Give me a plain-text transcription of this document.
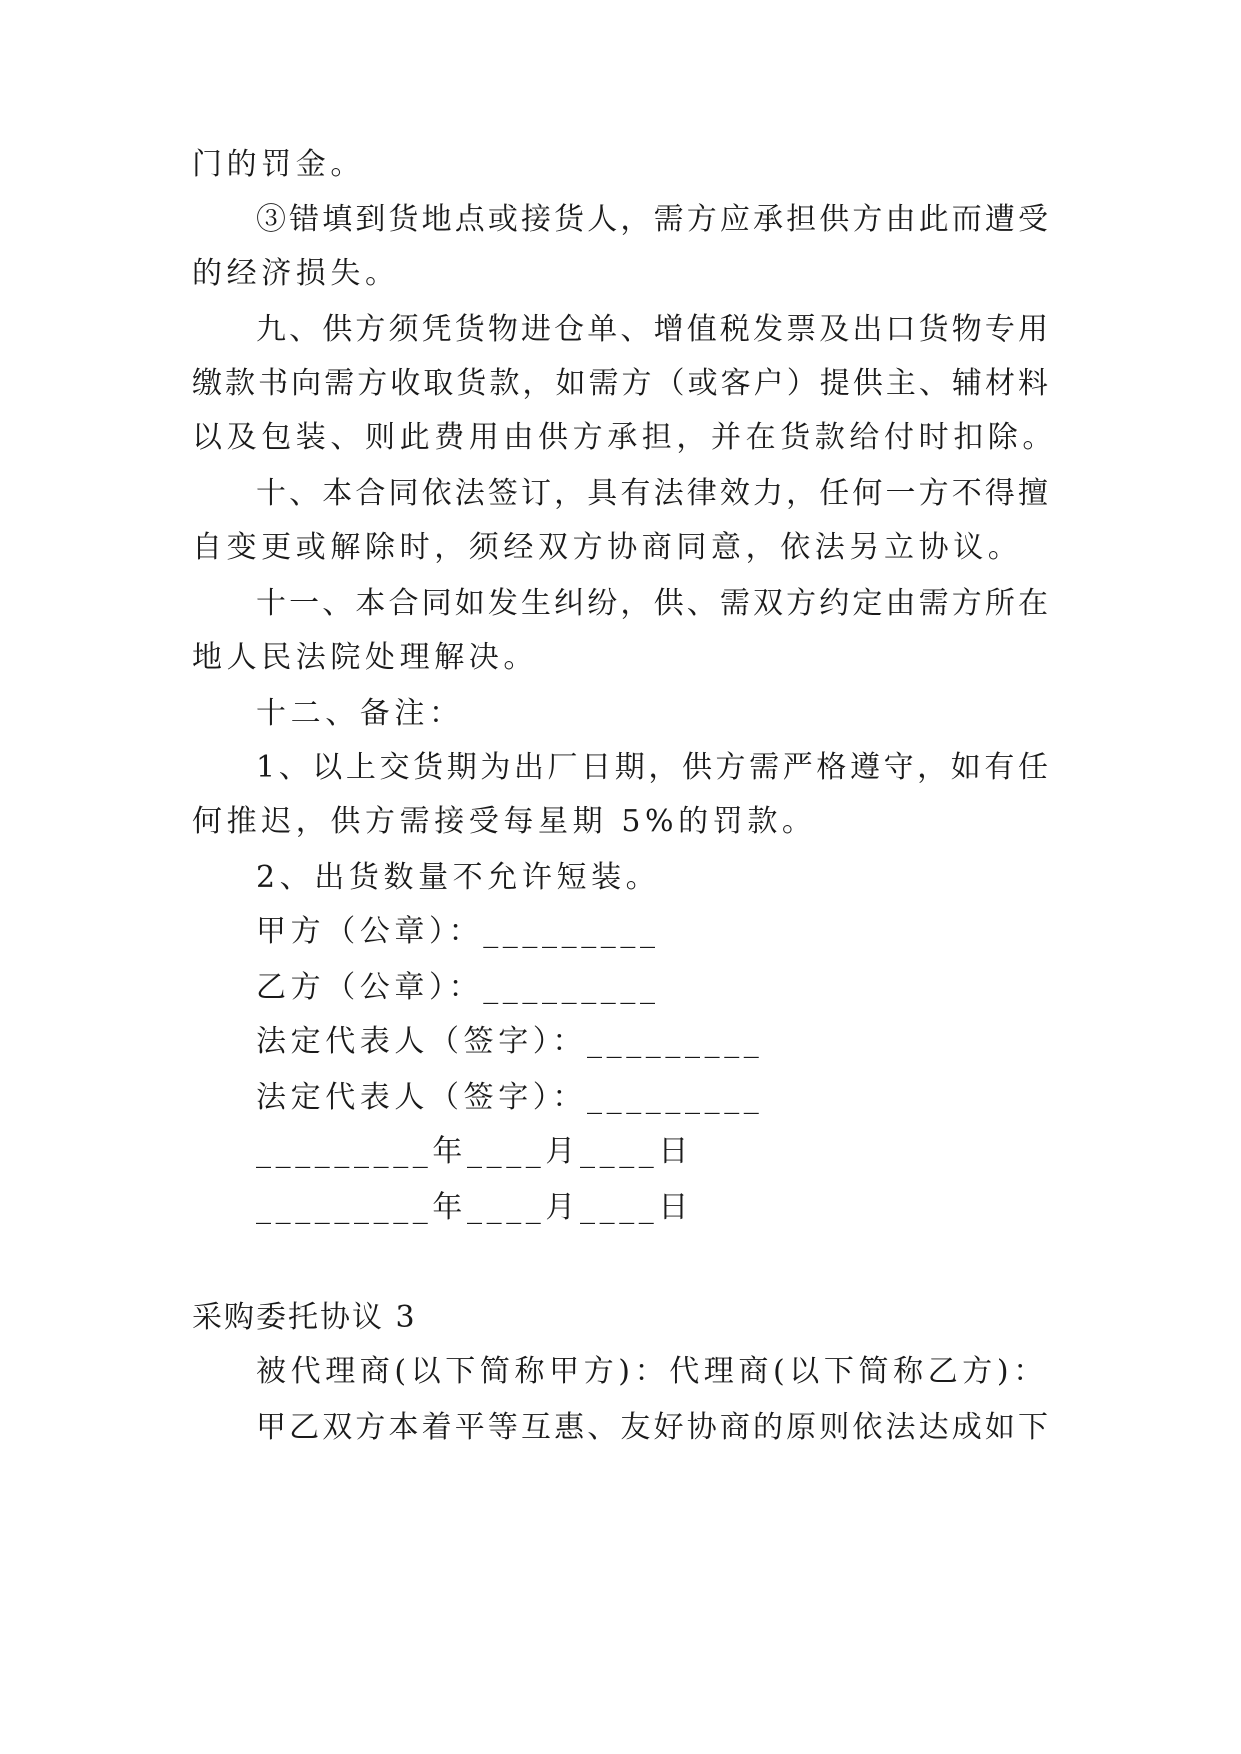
门的罚金。
③错填到货地点或接货人，需方应承担供方由此而遭受
的经济损失。
九、供方须凭货物进仓单、增值税发票及出口货物专用
缴款书向需方收取货款，如需方（或客户）提供主、辅材料
以及包装、则此费用由供方承担，并在货款给付时扣除。
十、本合同依法签订，具有法律效力，任何一方不得擅
自变更或解除时，须经双方协商同意，依法另立协议。
十一、本合同如发生纠纷，供、需双方约定由需方所在
地人民法院处理解决。
十二、备注：
1、以上交货期为出厂日期，供方需严格遵守，如有任
何推迟，供方需接受每星期 5%的罚款。
2、出货数量不允许短装。
甲方（公章）：_________
乙方（公章）：_________
法定代表人（签字）：_________
法定代表人（签字）：_________
_________年____月____日
_________年____月____日
采购委托协议 3
被代理商(以下简称甲方)：代理商(以下简称乙方)：
甲乙双方本着平等互惠、友好协商的原则依法达成如下
